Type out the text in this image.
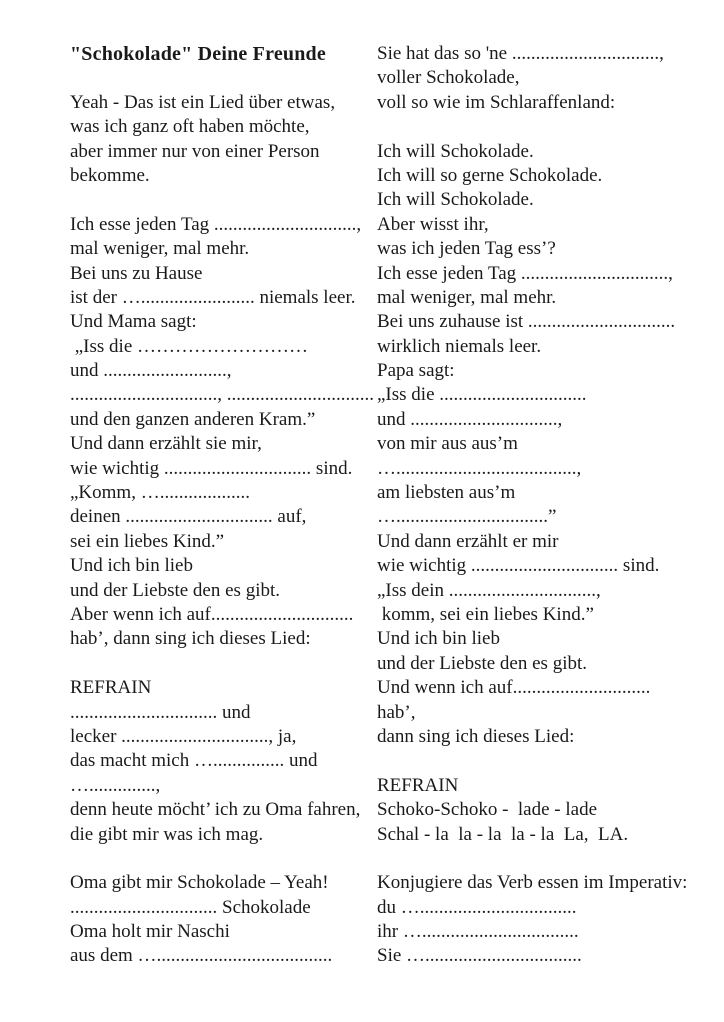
"Schokolade" Deine Freunde
Yeah - Das ist ein Lied über etwas,
was ich ganz oft haben möchte,
aber immer nur von einer Person
bekomme.
Ich esse jeden Tag ..............................,
mal weniger, mal mehr.
Bei uns zu Hause
ist der …........................ niemals leer.
Und Mama sagt:
„Iss die ………………………
und ..........................,
..............................., ...............................
und den ganzen anderen Kram.”
Und dann erzählt sie mir,
wie wichtig ............................... sind.
„Komm, …...................
deinen ............................... auf,
sei ein liebes Kind.”
Und ich bin lieb
und der Liebste den es gibt.
Aber wenn ich auf..............................
hab’, dann sing ich dieses Lied:
REFRAIN
............................... und
lecker ..............................., ja,
das macht mich …............... und
…..............,
denn heute möcht’ ich zu Oma fahren,
die gibt mir was ich mag.
Oma gibt mir Schokolade – Yeah!
............................... Schokolade
Oma holt mir Naschi
aus dem ….....................................
Sie hat das so 'ne ...............................,
voller Schokolade,
voll so wie im Schlaraffenland:
Ich will Schokolade.
Ich will so gerne Schokolade.
Ich will Schokolade.
Aber wisst ihr,
was ich jeden Tag ess’?
Ich esse jeden Tag ...............................,
mal weniger, mal mehr.
Bei uns zuhause ist ...............................
wirklich niemals leer.
Papa sagt:
„Iss die ...............................
und ...............................,
von mir aus aus’m
…......................................,
am liebsten aus’m
…................................”
Und dann erzählt er mir
wie wichtig ............................... sind.
„Iss dein ...............................,
komm, sei ein liebes Kind.”
Und ich bin lieb
und der Liebste den es gibt.
Und wenn ich auf.............................
hab’,
dann sing ich dieses Lied:
REFRAIN
Schoko-Schoko -  lade - lade
Schal - la  la - la  la - la  La,  LA.
Konjugiere das Verb essen im Imperativ:
du ….................................
ihr ….................................
Sie ….................................
